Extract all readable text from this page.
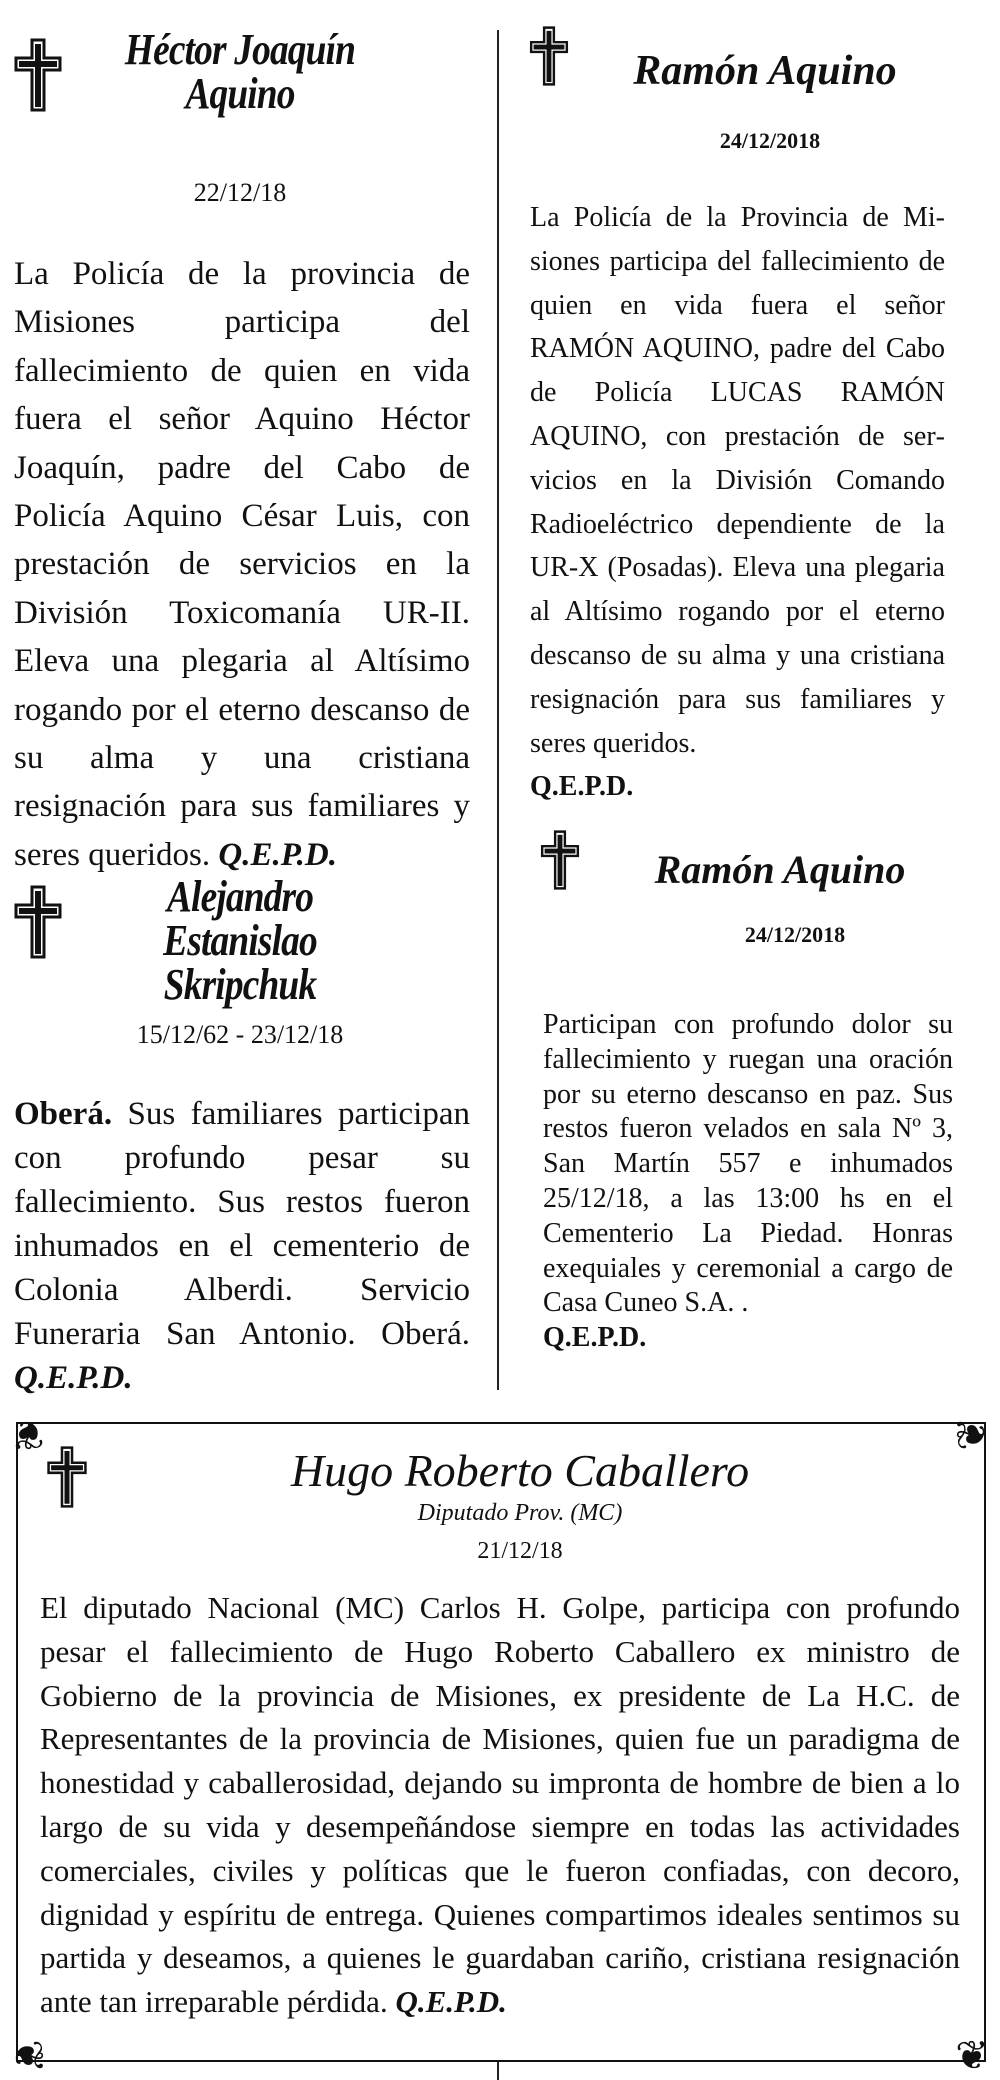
Héctor Joaquín
Aquino
22/12/18

La Policía de la provincia de Misiones participa del fallecimiento de quien en vida fuera el señor Aquino Héctor Joaquín, padre del Cabo de Policía Aquino César Luis, con prestación de servicios en la División Toxicomanía UR-II. Eleva una plegaria al Altísimo rogando por el eterno descanso de su alma y una cristiana resignación para sus familiares y seres queridos. Q.E.P.D.

Alejandro Estanislao
Skripchuk
15/12/62 - 23/12/18

Oberá. Sus familiares participan con profundo pesar su fallecimiento. Sus restos fueron inhumados en el cementerio de Colonia Alberdi. Servicio Funeraria San Antonio. Oberá. Q.E.P.D.

Ramón Aquino
24/12/2018

La Policía de la Provincia de Misiones participa del fallecimiento de quien en vida fuera el señor RAMÓN AQUINO, padre del Cabo de Policía LUCAS RAMÓN AQUINO, con prestación de servicios en la División Comando Radioeléctrico dependiente de la UR-X (Posadas). Eleva una plegaria al Altísimo rogando por el eterno descanso de su alma y una cristiana resignación para sus familiares y seres queridos.
Q.E.P.D.

Ramón Aquino
24/12/2018

Participan con profundo dolor su fallecimiento y ruegan una oración por su eterno descanso en paz. Sus restos fueron velados en sala Nº 3, San Martín 557 e inhumados 25/12/18, a las 13:00 hs en el Cementerio La Piedad. Honras exequiales y ceremonial a cargo de Casa Cuneo S.A. .
Q.E.P.D.

❦	❦
❦	❦
Hugo Roberto Caballero
Diputado Prov. (MC)
21/12/18

El diputado Nacional (MC) Carlos H. Golpe, participa con profundo pesar el fallecimiento de Hugo Roberto Caballero ex ministro de Gobierno de la provincia de Misiones, ex presidente de La H.C. de Representantes de la provincia de Misiones, quien fue un paradigma de honestidad y caballerosidad, dejando su impronta de hombre de bien a lo largo de su vida y desempeñándose siempre en todas las actividades comerciales, civiles y políticas que le fueron confiadas, con decoro, dignidad y espíritu de entrega. Quienes compartimos ideales sentimos su partida y deseamos, a quienes le guardaban cariño, cristiana resignación ante tan irreparable pérdida. Q.E.P.D.
